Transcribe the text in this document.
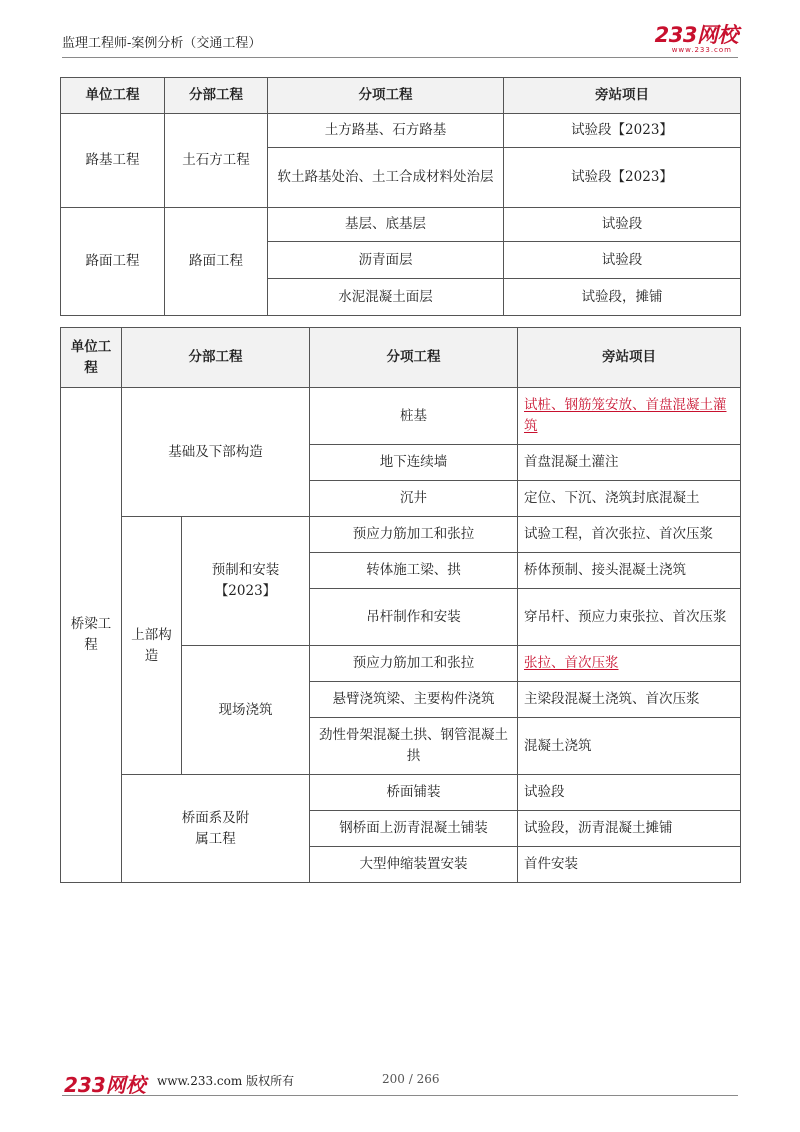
监理工程师-案例分析（交通工程）	233网校
www.233.com
单位工程	分部工程	分项工程	旁站项目
路基工程	土石方工程	土方路基、石方路基	试验段【2023】
		软土路基处治、土工合成材料处治层	试验段【2023】
路面工程	路面工程	基层、底基层	试验段
		沥青面层	试验段
		水泥混凝土面层	试验段，摊铺
单位工程	分部工程		分项工程	旁站项目
桥梁工程	基础及下部构造		桩基	试桩、钢筋笼安放、首盘混凝土灌筑
			地下连续墙	首盘混凝土灌注
			沉井	定位、下沉、浇筑封底混凝土
	上部构造	预制和安装【2023】	预应力筋加工和张拉	试验工程，首次张拉、首次压浆
			转体施工梁、拱	桥体预制、接头混凝土浇筑
			吊杆制作和安装	穿吊杆、预应力束张拉、首次压浆
		现场浇筑	预应力筋加工和张拉	张拉、首次压浆
			悬臂浇筑梁、主要构件浇筑	主梁段混凝土浇筑、首次压浆
			劲性骨架混凝土拱、钢管混凝土拱	混凝土浇筑

	桥面系及附属工程		桥面铺装	试验段
			钢桥面上沥青混凝土铺装	试验段，沥青混凝土摊铺
			大型伸缩装置安装	首件安装
233网校 www.233.com 版权所有	200 / 266
